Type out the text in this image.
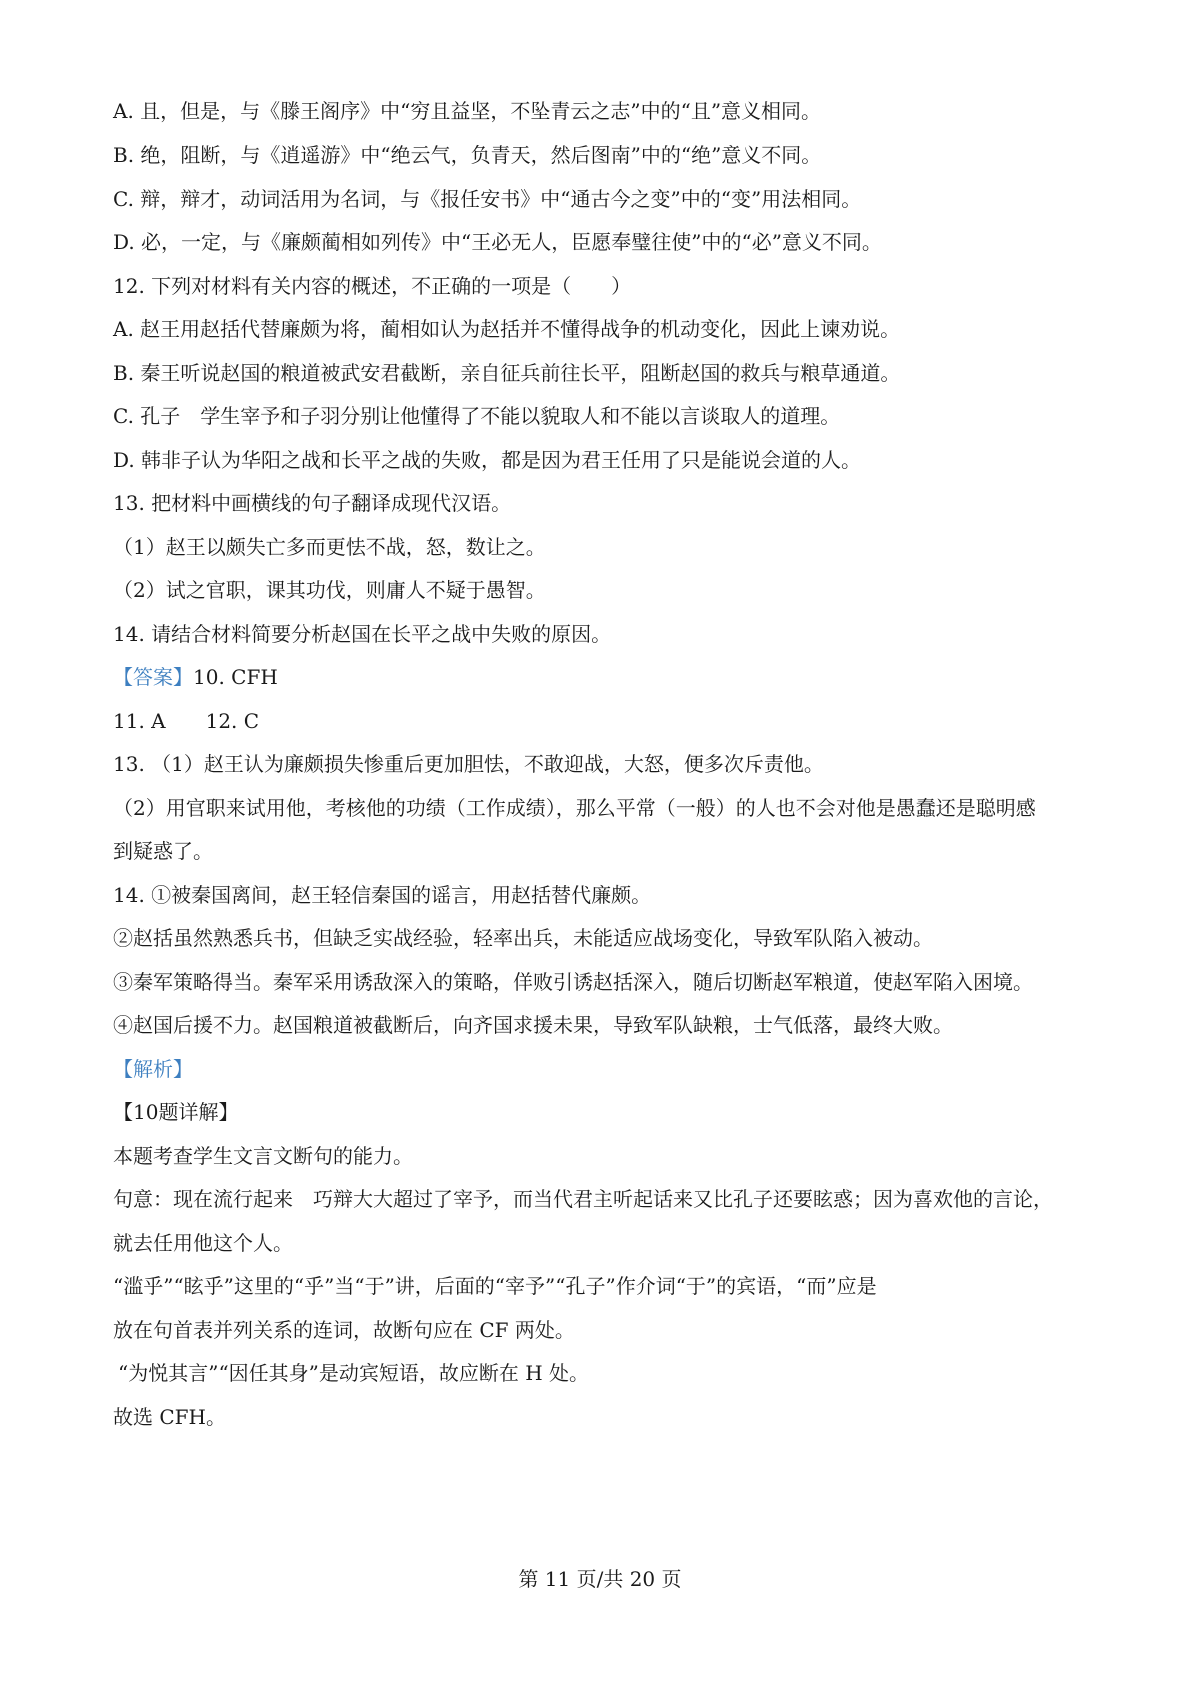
A. 且，但是，与《滕王阁序》中“穷且益坚，不坠青云之志”中的“且”意义相同。
B. 绝，阻断，与《逍遥游》中“绝云气，负青天，然后图南”中的“绝”意义不同。
C. 辩，辩才，动词活用为名词，与《报任安书》中“通古今之变”中的“变”用法相同。
D. 必，一定，与《廉颇蔺相如列传》中“王必无人，臣愿奉璧往使”中的“必”意义不同。
12. 下列对材料有关内容的概述，不正确的一项是（　　）
A. 赵王用赵括代替廉颇为将，蔺相如认为赵括并不懂得战争的机动变化，因此上谏劝说。
B. 秦王听说赵国的粮道被武安君截断，亲自征兵前往长平，阻断赵国的救兵与粮草通道。
C. 孔子　学生宰予和子羽分别让他懂得了不能以貌取人和不能以言谈取人的道理。
D. 韩非子认为华阳之战和长平之战的失败，都是因为君王任用了只是能说会道的人。
13. 把材料中画横线的句子翻译成现代汉语。
（1）赵王以颇失亡多而更怯不战，怒，数让之。
（2）试之官职，课其功伐，则庸人不疑于愚智。
14. 请结合材料简要分析赵国在长平之战中失败的原因。
【答案】10. CFH
11. A　　12. C
13. （1）赵王认为廉颇损失惨重后更加胆怯，不敢迎战，大怒，便多次斥责他。
（2）用官职来试用他，考核他的功绩（工作成绩），那么平常（一般）的人也不会对他是愚蠢还是聪明感
到疑惑了。
14. ①被秦国离间，赵王轻信秦国的谣言，用赵括替代廉颇。
②赵括虽然熟悉兵书，但缺乏实战经验，轻率出兵，未能适应战场变化，导致军队陷入被动。
③秦军策略得当。秦军采用诱敌深入的策略，佯败引诱赵括深入，随后切断赵军粮道，使赵军陷入困境。
④赵国后援不力。赵国粮道被截断后，向齐国求援未果，导致军队缺粮，士气低落，最终大败。
【解析】
【10题详解】
本题考查学生文言文断句的能力。
句意：现在流行起来　巧辩大大超过了宰予，而当代君主听起话来又比孔子还要眩惑；因为喜欢他的言论，
就去任用他这个人。
“滥乎”“眩乎”这里的“乎”当“于”讲，后面的“宰予”“孔子”作介词“于”的宾语，“而”应是
放在句首表并列关系的连词，故断句应在 CF 两处。
“为悦其言”“因任其身”是动宾短语，故应断在 H 处。
故选 CFH。
第 11 页/共 20 页
